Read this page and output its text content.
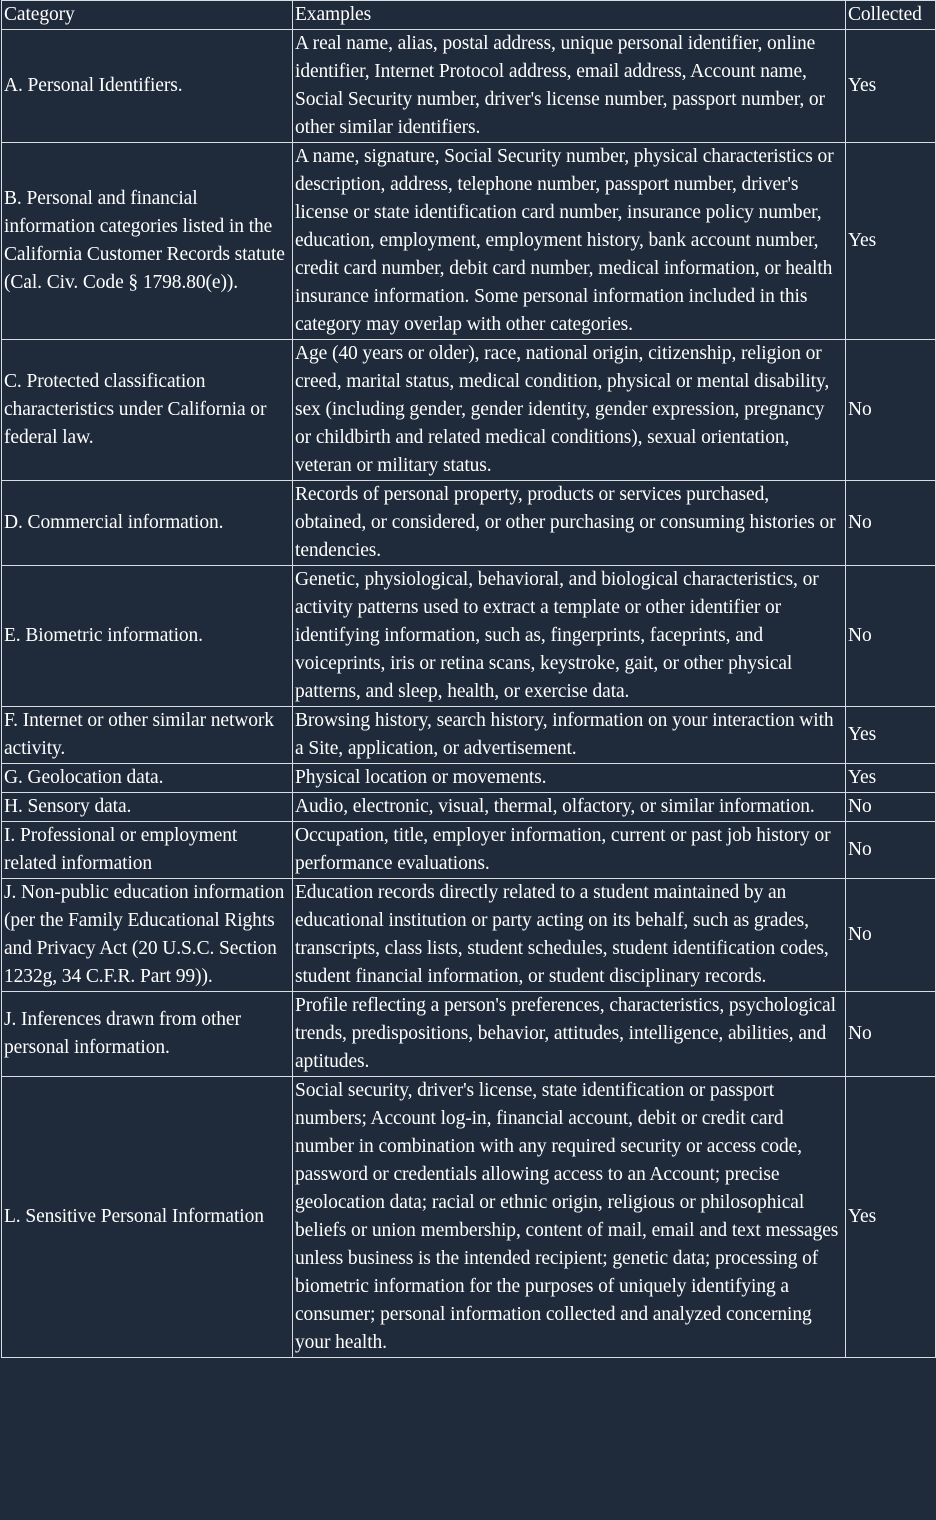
Category	Examples	Collected
A. Personal Identifiers.	A real name, alias, postal address, unique personal identifier, online identifier, Internet Protocol address, email address, Account name, Social Security number, driver's license number, passport number, or other similar identifiers.	Yes
B. Personal and financial information categories listed in the California Customer Records statute (Cal. Civ. Code § 1798.80(e)).	A name, signature, Social Security number, physical characteristics or description, address, telephone number, passport number, driver's license or state identification card number, insurance policy number, education, employment, employment history, bank account number, credit card number, debit card number, medical information, or health insurance information. Some personal information included in this category may overlap with other categories.	Yes
C. Protected classification characteristics under California or federal law.	Age (40 years or older), race, national origin, citizenship, religion or creed, marital status, medical condition, physical or mental disability, sex (including gender, gender identity, gender expression, pregnancy or childbirth and related medical conditions), sexual orientation, veteran or military status.	No
D. Commercial information.	Records of personal property, products or services purchased, obtained, or considered, or other purchasing or consuming histories or tendencies.	No
E. Biometric information.	Genetic, physiological, behavioral, and biological characteristics, or activity patterns used to extract a template or other identifier or identifying information, such as, fingerprints, faceprints, and voiceprints, iris or retina scans, keystroke, gait, or other physical patterns, and sleep, health, or exercise data.	No
F. Internet or other similar network activity.	Browsing history, search history, information on your interaction with a Site, application, or advertisement.	Yes
G. Geolocation data.	Physical location or movements.	Yes
H. Sensory data.	Audio, electronic, visual, thermal, olfactory, or similar information.	No
I. Professional or employment related information	Occupation, title, employer information, current or past job history or performance evaluations.	No
J. Non-public education information (per the Family Educational Rights and Privacy Act (20 U.S.C. Section 1232g, 34 C.F.R. Part 99)).	Education records directly related to a student maintained by an educational institution or party acting on its behalf, such as grades, transcripts, class lists, student schedules, student identification codes, student financial information, or student disciplinary records.	No
J. Inferences drawn from other personal information.	Profile reflecting a person's preferences, characteristics, psychological trends, predispositions, behavior, attitudes, intelligence, abilities, and aptitudes.	No
L. Sensitive Personal Information	Social security, driver's license, state identification or passport numbers; Account log-in, financial account, debit or credit card number in combination with any required security or access code, password or credentials allowing access to an Account; precise geolocation data; racial or ethnic origin, religious or philosophical beliefs or union membership, content of mail, email and text messages unless business is the intended recipient; genetic data; processing of biometric information for the purposes of uniquely identifying a consumer; personal information collected and analyzed concerning your health.	Yes
